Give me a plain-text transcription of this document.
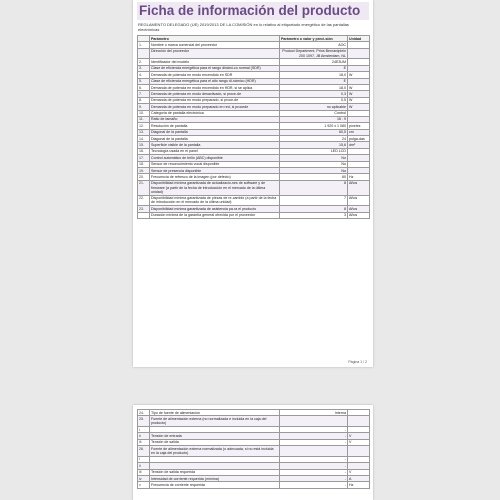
Ficha de información del producto
REGLAMENTO DELEGADO (UE) 2019/2013 DE LA COMISIÓN en lo relativo al etiquetado energético de las pantallas electrónicas
	Parámetro	Parámetro o valor y preci-sión	Unidad
1.	Nombre o marca comercial del proveedor	AOC	
	Dirección del proveedor	Product Department, Prins Bernardplein 200 1097, JB Amsterdam, NL	
2.	Identificador del modelo	24E3UM	
3.	Clase de eficiencia energética para el rango dinámi-co normal (SDR)	E	
4.	Demanda de potencia en modo encendido en SDR	18,0	W
5.	Clase de eficiencia energética para el alto rango di-námico (HDR)	E	
6.	Demanda de potencia en modo encendido en HDR, si se aplica	18,0	W
7.	Demanda de potencia en modo desactivado, si proce-de	0,3	W
8.	Demanda de potencia en modo preparado, si proce-de	0,5	W
9.	Demanda de potencia en modo preparado en red, si procede	no aplicable	W
10.	Categoría de pantalla electrónica	Control	
11.	Ratio de tamaño	16 : 9	
12.	Resolución de pantalla	1 920 x 1 080	píxeles
13.	Diagonal de la pantalla	60,5	cm
14.	Diagonal de la pantalla	24	pulga-das
15.	Superficie visible de la pantalla	15,6	dm²
16.	Tecnología usada en el panel	LED LCD	
17.	Control automático de brillo (ABC) disponible	No	
18.	Sensor de reconocimiento vocal disponible	No	
19.	Sensor de presencia disponible	No	
20.	Frecuencia de refresco de la imagen (por defecto)	60	Hz
21.	Disponibilidad mínima garantizada de actualizacio-nes de software y de firmware (a partir de la fecha de introducción en el mercado de la última unidad)	8	Años
22.	Disponibilidad mínima garantizada de piezas de re-cambio (a partir de la fecha de introducción en el mercado de la última unidad)	7	Años
23.	Disponibilidad mínima garantizada de asistencia pa-ra el producto	8	Años
	Duración mínima de la garantía general ofrecida por el proveedor	3	Años
Página 1 / 2
24.	Tipo de fuente de alimentación	Interna	
25.	Fuente de alimentación externa (no normalizada e incluida en la caja del producto)		
i		-	
ii	Tensión de entrada	-	V
iii	Tensión de salida	-	V
26.	Fuente de alimentación externa normalizada (o adecuada, si no está incluida en la caja del producto)		
i		-	
ii		-	
iii	Tensión de salida requerida	-	V
iv	Intensidad de corriente requerida (mínima)	-	A
v	Frecuencia de corriente requerida	-	Hz
